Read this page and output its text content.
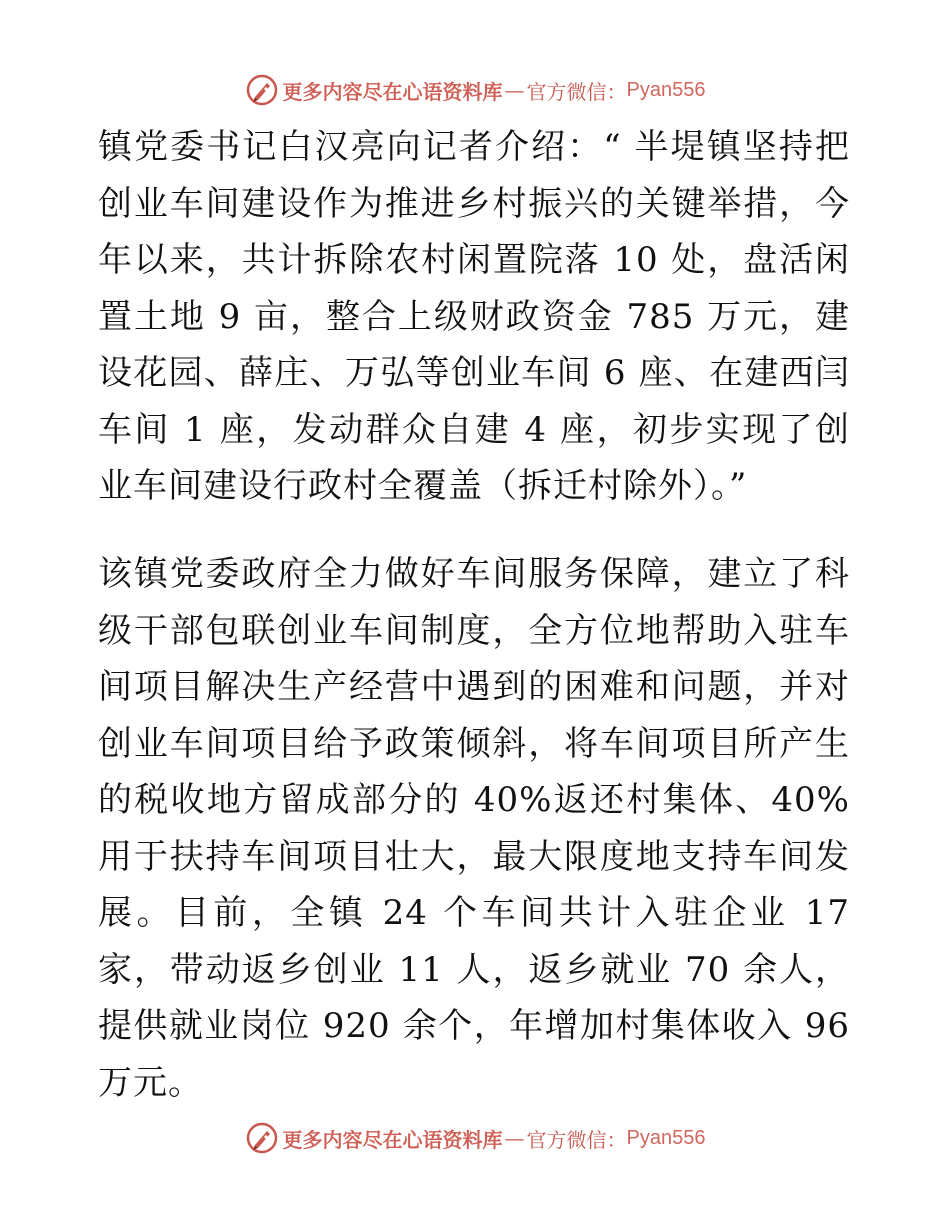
更多内容尽在心语资料库 — 官方微信： Pyan556

镇党委书记白汉亮向记者介绍：“ 半堤镇坚持把创业车间建设作为推进乡村振兴的关键举措，今年以来，共计拆除农村闲置院落 10 处，盘活闲置土地 9 亩，整合上级财政资金 785 万元，建设花园、薛庄、万弘等创业车间 6 座、在建西闫车间 1 座，发动群众自建 4 座，初步实现了创业车间建设行政村全覆盖（拆迁村除外）。”

该镇党委政府全力做好车间服务保障，建立了科级干部包联创业车间制度，全方位地帮助入驻车间项目解决生产经营中遇到的困难和问题，并对创业车间项目给予政策倾斜，将车间项目所产生的税收地方留成部分的 40%返还村集体、40%用于扶持车间项目壮大，最大限度地支持车间发展。目前，全镇 24 个车间共计入驻企业 17 家，带动返乡创业 11 人，返乡就业 70 余人，提供就业岗位 920 余个，年增加村集体收入 96 万元。

更多内容尽在心语资料库 — 官方微信： Pyan556
